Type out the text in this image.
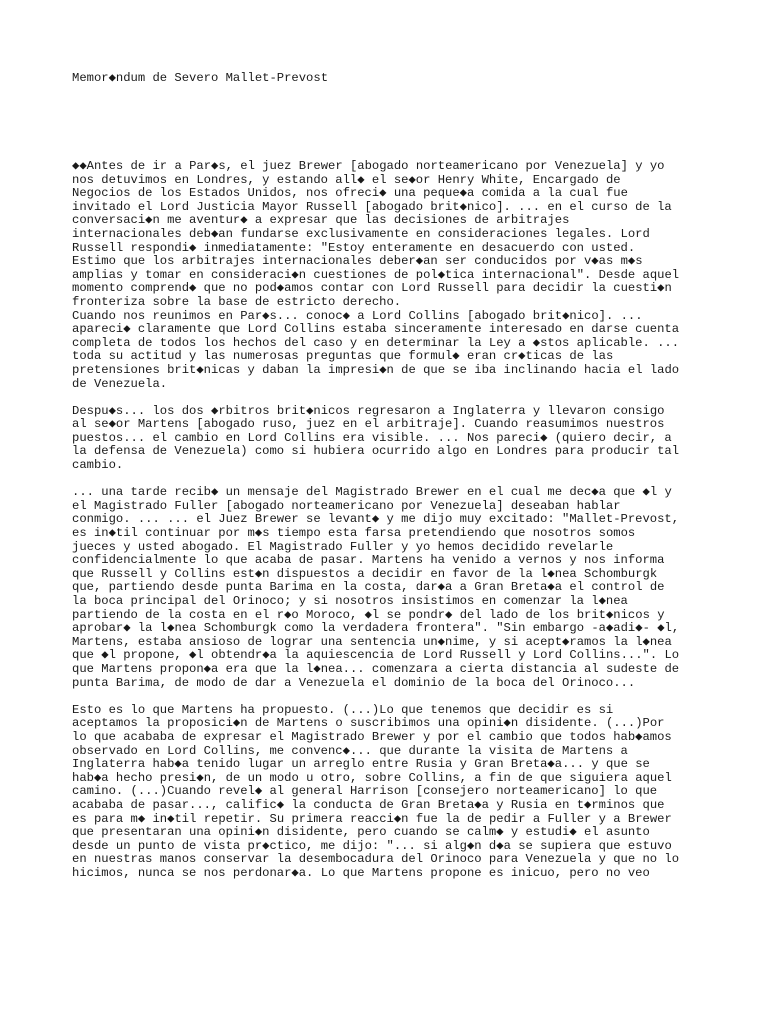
Memor◆ndum de Severo Mallet-Prevost

◆◆Antes de ir a Par◆s, el juez Brewer [abogado norteamericano por Venezuela] y yo
nos detuvimos en Londres, y estando all◆ el se◆or Henry White, Encargado de
Negocios de los Estados Unidos, nos ofreci◆ una peque◆a comida a la cual fue
invitado el Lord Justicia Mayor Russell [abogado brit◆nico]. ... en el curso de la
conversaci◆n me aventur◆ a expresar que las decisiones de arbitrajes
internacionales deb◆an fundarse exclusivamente en consideraciones legales. Lord
Russell respondi◆ inmediatamente: "Estoy enteramente en desacuerdo con usted.
Estimo que los arbitrajes internacionales deber◆an ser conducidos por v◆as m◆s
amplias y tomar en consideraci◆n cuestiones de pol◆tica internacional". Desde aquel
momento comprend◆ que no pod◆amos contar con Lord Russell para decidir la cuesti◆n
fronteriza sobre la base de estricto derecho.
Cuando nos reunimos en Par◆s... conoc◆ a Lord Collins [abogado brit◆nico]. ...
apareci◆ claramente que Lord Collins estaba sinceramente interesado en darse cuenta
completa de todos los hechos del caso y en determinar la Ley a ◆stos aplicable. ...
toda su actitud y las numerosas preguntas que formul◆ eran cr◆ticas de las
pretensiones brit◆nicas y daban la impresi◆n de que se iba inclinando hacia el lado
de Venezuela.
Despu◆s... los dos ◆rbitros brit◆nicos regresaron a Inglaterra y llevaron consigo
al se◆or Martens [abogado ruso, juez en el arbitraje]. Cuando reasumimos nuestros
puestos... el cambio en Lord Collins era visible. ... Nos pareci◆ (quiero decir, a
la defensa de Venezuela) como si hubiera ocurrido algo en Londres para producir tal
cambio.
... una tarde recib◆ un mensaje del Magistrado Brewer en el cual me dec◆a que ◆l y
el Magistrado Fuller [abogado norteamericano por Venezuela] deseaban hablar
conmigo. ... ... el Juez Brewer se levant◆ y me dijo muy excitado: "Mallet-Prevost,
es in◆til continuar por m◆s tiempo esta farsa pretendiendo que nosotros somos
jueces y usted abogado. El Magistrado Fuller y yo hemos decidido revelarle
confidencialmente lo que acaba de pasar. Martens ha venido a vernos y nos informa
que Russell y Collins est◆n dispuestos a decidir en favor de la l◆nea Schomburgk
que, partiendo desde punta Barima en la costa, dar◆a a Gran Breta◆a el control de
la boca principal del Orinoco; y si nosotros insistimos en comenzar la l◆nea
partiendo de la costa en el r◆o Moroco, ◆l se pondr◆ del lado de los brit◆nicos y
aprobar◆ la l◆nea Schomburgk como la verdadera frontera". "Sin embargo -a◆adi◆- ◆l,
Martens, estaba ansioso de lograr una sentencia un◆nime, y si acept◆ramos la l◆nea
que ◆l propone, ◆l obtendr◆a la aquiescencia de Lord Russell y Lord Collins...". Lo
que Martens propon◆a era que la l◆nea... comenzara a cierta distancia al sudeste de
punta Barima, de modo de dar a Venezuela el dominio de la boca del Orinoco...
Esto es lo que Martens ha propuesto. (...)Lo que tenemos que decidir es si
aceptamos la proposici◆n de Martens o suscribimos una opini◆n disidente. (...)Por
lo que acababa de expresar el Magistrado Brewer y por el cambio que todos hab◆amos
observado en Lord Collins, me convenc◆... que durante la visita de Martens a
Inglaterra hab◆a tenido lugar un arreglo entre Rusia y Gran Breta◆a... y que se
hab◆a hecho presi◆n, de un modo u otro, sobre Collins, a fin de que siguiera aquel
camino. (...)Cuando revel◆ al general Harrison [consejero norteamericano] lo que
acababa de pasar..., calific◆ la conducta de Gran Breta◆a y Rusia en t◆rminos que
es para m◆ in◆til repetir. Su primera reacci◆n fue la de pedir a Fuller y a Brewer
que presentaran una opini◆n disidente, pero cuando se calm◆ y estudi◆ el asunto
desde un punto de vista pr◆ctico, me dijo: "... si alg◆n d◆a se supiera que estuvo
en nuestras manos conservar la desembocadura del Orinoco para Venezuela y que no lo
hicimos, nunca se nos perdonar◆a. Lo que Martens propone es inicuo, pero no veo
